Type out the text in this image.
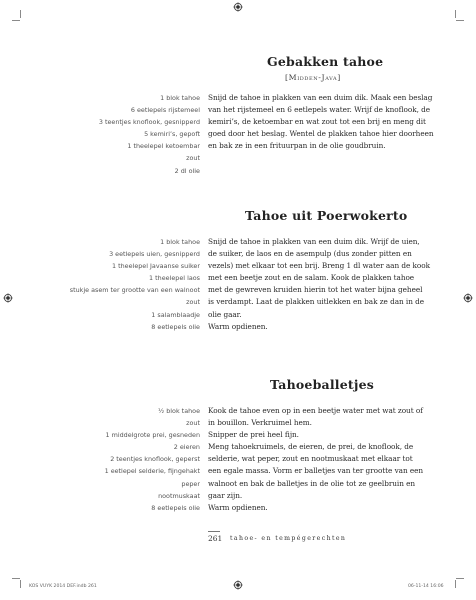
Gebakken tahoe
[Midden-Java]
1 blok tahoe
6 eetlepels rijstemeel
3 teentjes knoflook, gesnipperd
5 kemiri’s, gepoft
1 theelepel ketoembar
zout
2 dl olie
Snijd de tahoe in plakken van een duim dik. Maak een beslag
van het rijstemeel en 6 eetlepels water. Wrijf de knoflook, de
kemiri’s, de ketoembar en wat zout tot een brij en meng dit
goed door het beslag. Wentel de plakken tahoe hier doorheen
en bak ze in een frituurpan in de olie goudbruin.
Tahoe uit Poerwokerto
1 blok tahoe
3 eetlepels uien, gesnipperd
1 theelepel Javaanse suiker
1 theelepel laos
stukje asem ter grootte van een walnoot
zout
1 salamblaadje
8 eetlepels olie
Snijd de tahoe in plakken van een duim dik. Wrijf de uien,
de suiker, de laos en de asempulp (dus zonder pitten en
vezels) met elkaar tot een brij. Breng 1 dl water aan de kook
met een beetje zout en de salam. Kook de plakken tahoe
met de gewreven kruiden hierin tot het water bijna geheel
is verdampt. Laat de plakken uitlekken en bak ze dan in de
olie gaar.
Warm opdienen.
Tahoeballetjes
½ blok tahoe
zout
1 middelgrote prei, gesneden
2 eieren
2 teentjes knoflook, geperst
1 eetlepel selderie, fijngehakt
peper
nootmuskaat
8 eetlepels olie
Kook de tahoe even op in een beetje water met wat zout of
in bouillon. Verkruimel hem.
Snipper de prei heel fijn.
Meng tahoekruimels, de eieren, de prei, de knoflook, de
selderie, wat peper, zout en nootmuskaat met elkaar tot
een egale massa. Vorm er balletjes van ter grootte van een
walnoot en bak de balletjes in de olie tot ze geelbruin en
gaar zijn.
Warm opdienen.
261 tahoe- en tempégerechten
KOS VUYK 2014 DEF.indb 261	06-11-14 16:06
